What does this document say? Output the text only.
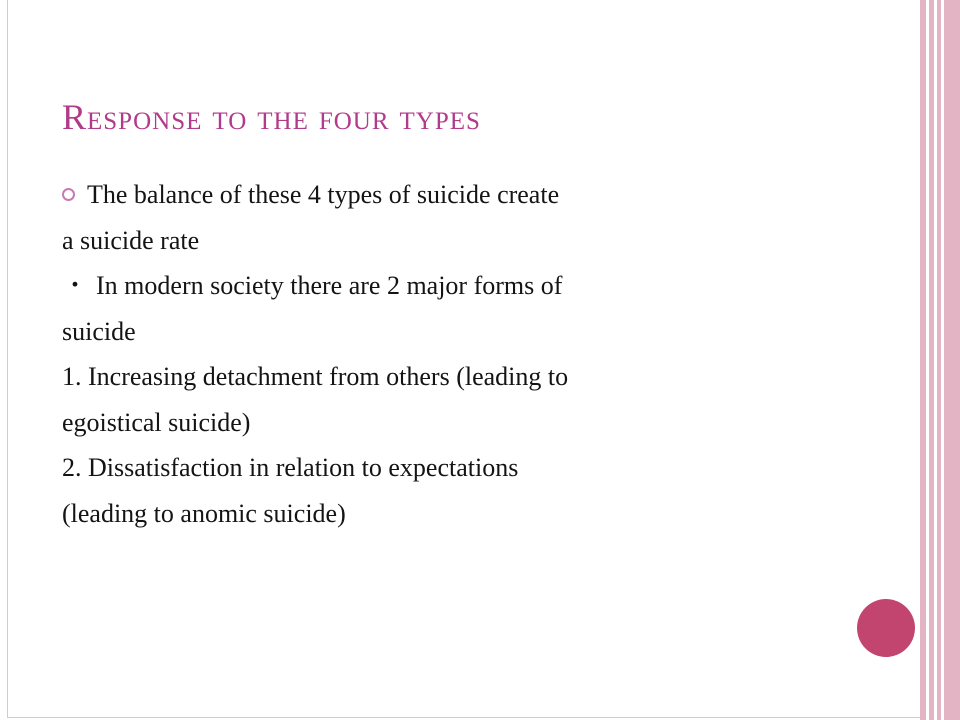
Response to the four types
The balance of these 4 types of suicide create
a suicide rate
・ In modern society there are 2 major forms of
suicide
1. Increasing detachment from others (leading to
egoistical suicide)
2. Dissatisfaction in relation to expectations
(leading to anomic suicide)
